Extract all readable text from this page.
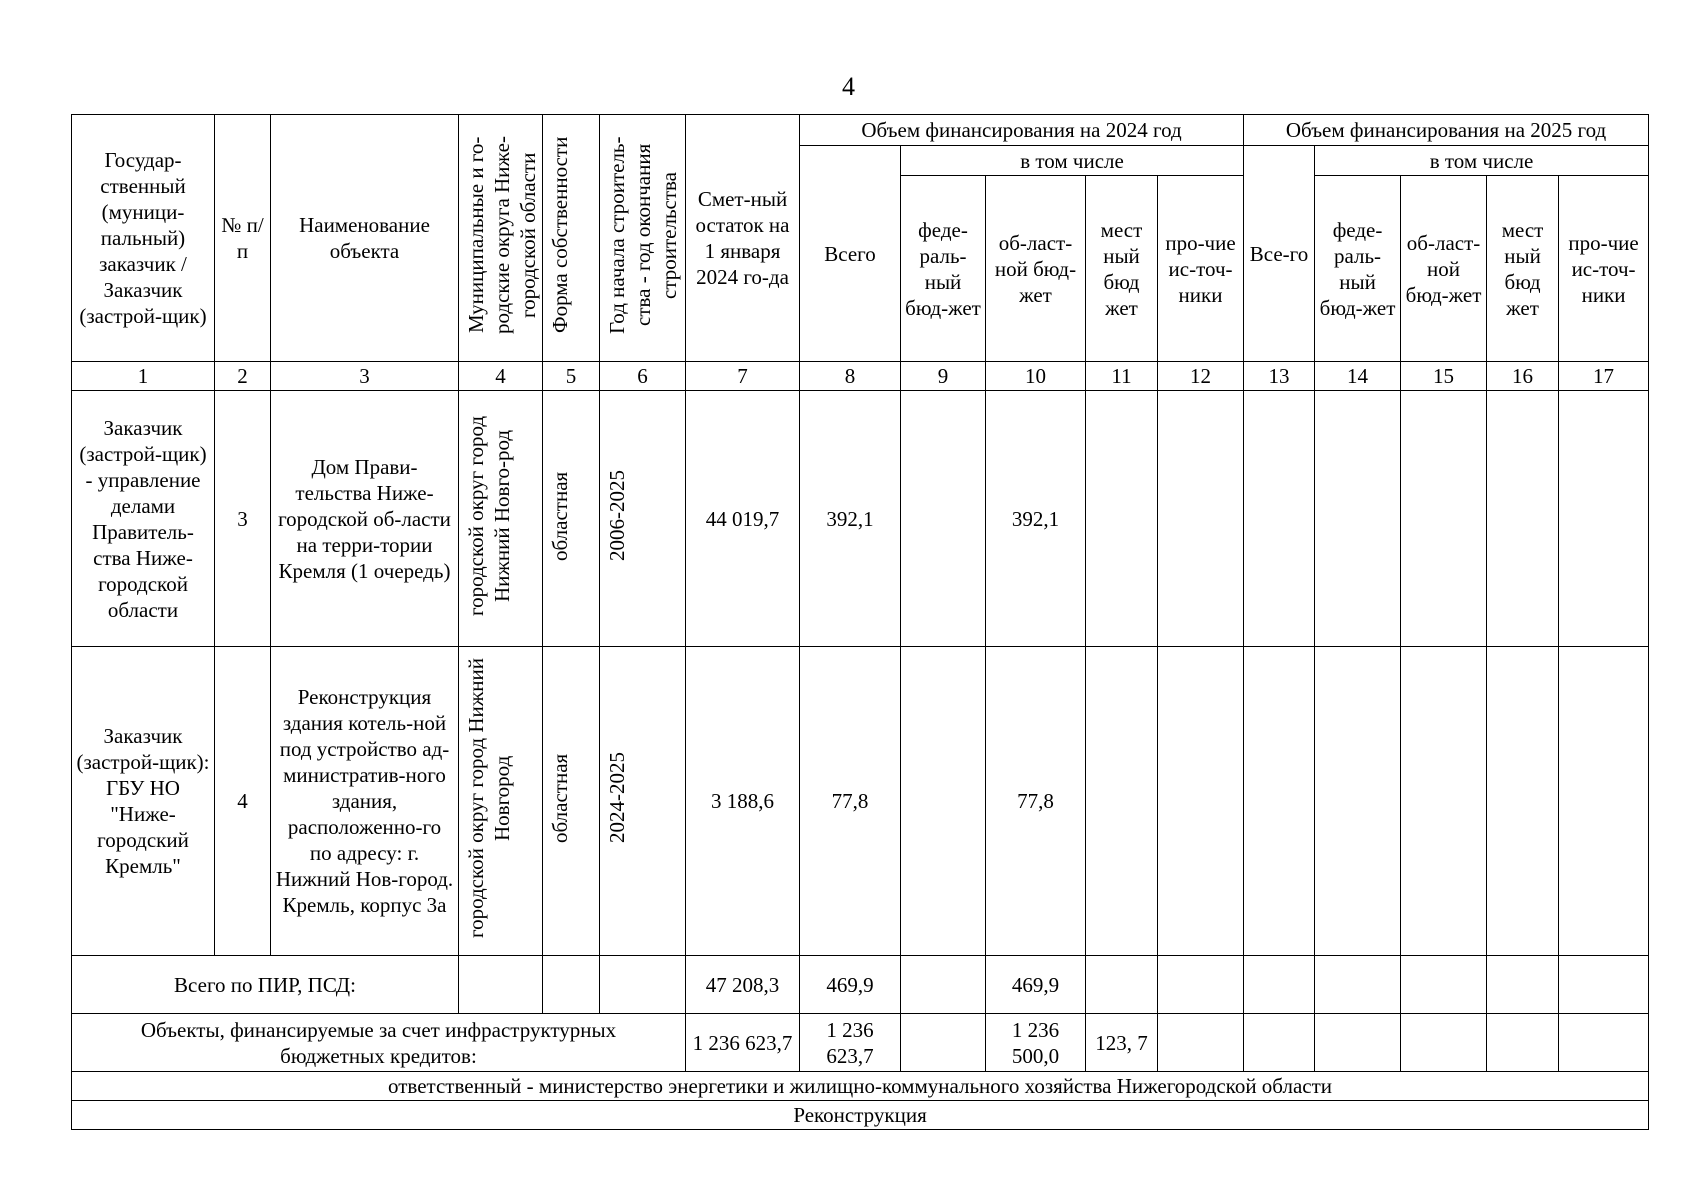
4
Государ-ственный (муници-пальный) заказчик / Заказчик (застрой-щик)	№ п/п	Наименование объекта	Муниципальные и го-родские округа Ниже-городской области	Форма собственности	Год начала строитель-ства - год окончания строительства	Смет-ный остаток на 1 января 2024 го-да	Объем финансирования на 2024 год					Объем финансирования на 2025 год				
							Всего	в том числе				Все-го	в том числе			
								феде-раль-ный бюд-жет	об-ласт-ной бюд-жет	мест ный бюд жет	про-чие ис-точ-ники		феде-раль-ный бюд-жет	об-ласт-ной бюд-жет	мест ный бюд жет	про-чие ис-точ-ники
1	2	3	4	5	6	7	8	9	10	11	12	13	14	15	16	17
Заказчик (застрой-щик) - управление делами Правитель-ства Ниже-городской области	3	Дом Прави-тельства Ниже-городской об-ласти на терри-тории Кремля (1 очередь)	городской округ город Нижний Новго-род	областная	2006-2025	44 019,7	392,1		392,1							
Заказчик (застрой-щик): ГБУ НО "Ниже-городский Кремль"	4	Реконструкция здания котель-ной под устройство ад-министратив-ного здания, расположенно-го по адресу: г. Нижний Нов-город. Кремль, корпус 3а	городской округ город Нижний Новгород	областная	2024-2025	3 188,6	77,8		77,8							
Всего по ПИР, ПСД:						47 208,3	469,9		469,9							
Объекты, финансируемые за счет инфраструктурных бюджетных кредитов:						1 236 623,7	1 236 623,7		1 236 500,0	123, 7						
ответственный - министерство энергетики и жилищно-коммунального хозяйства Нижегородской области																
Реконструкция																
